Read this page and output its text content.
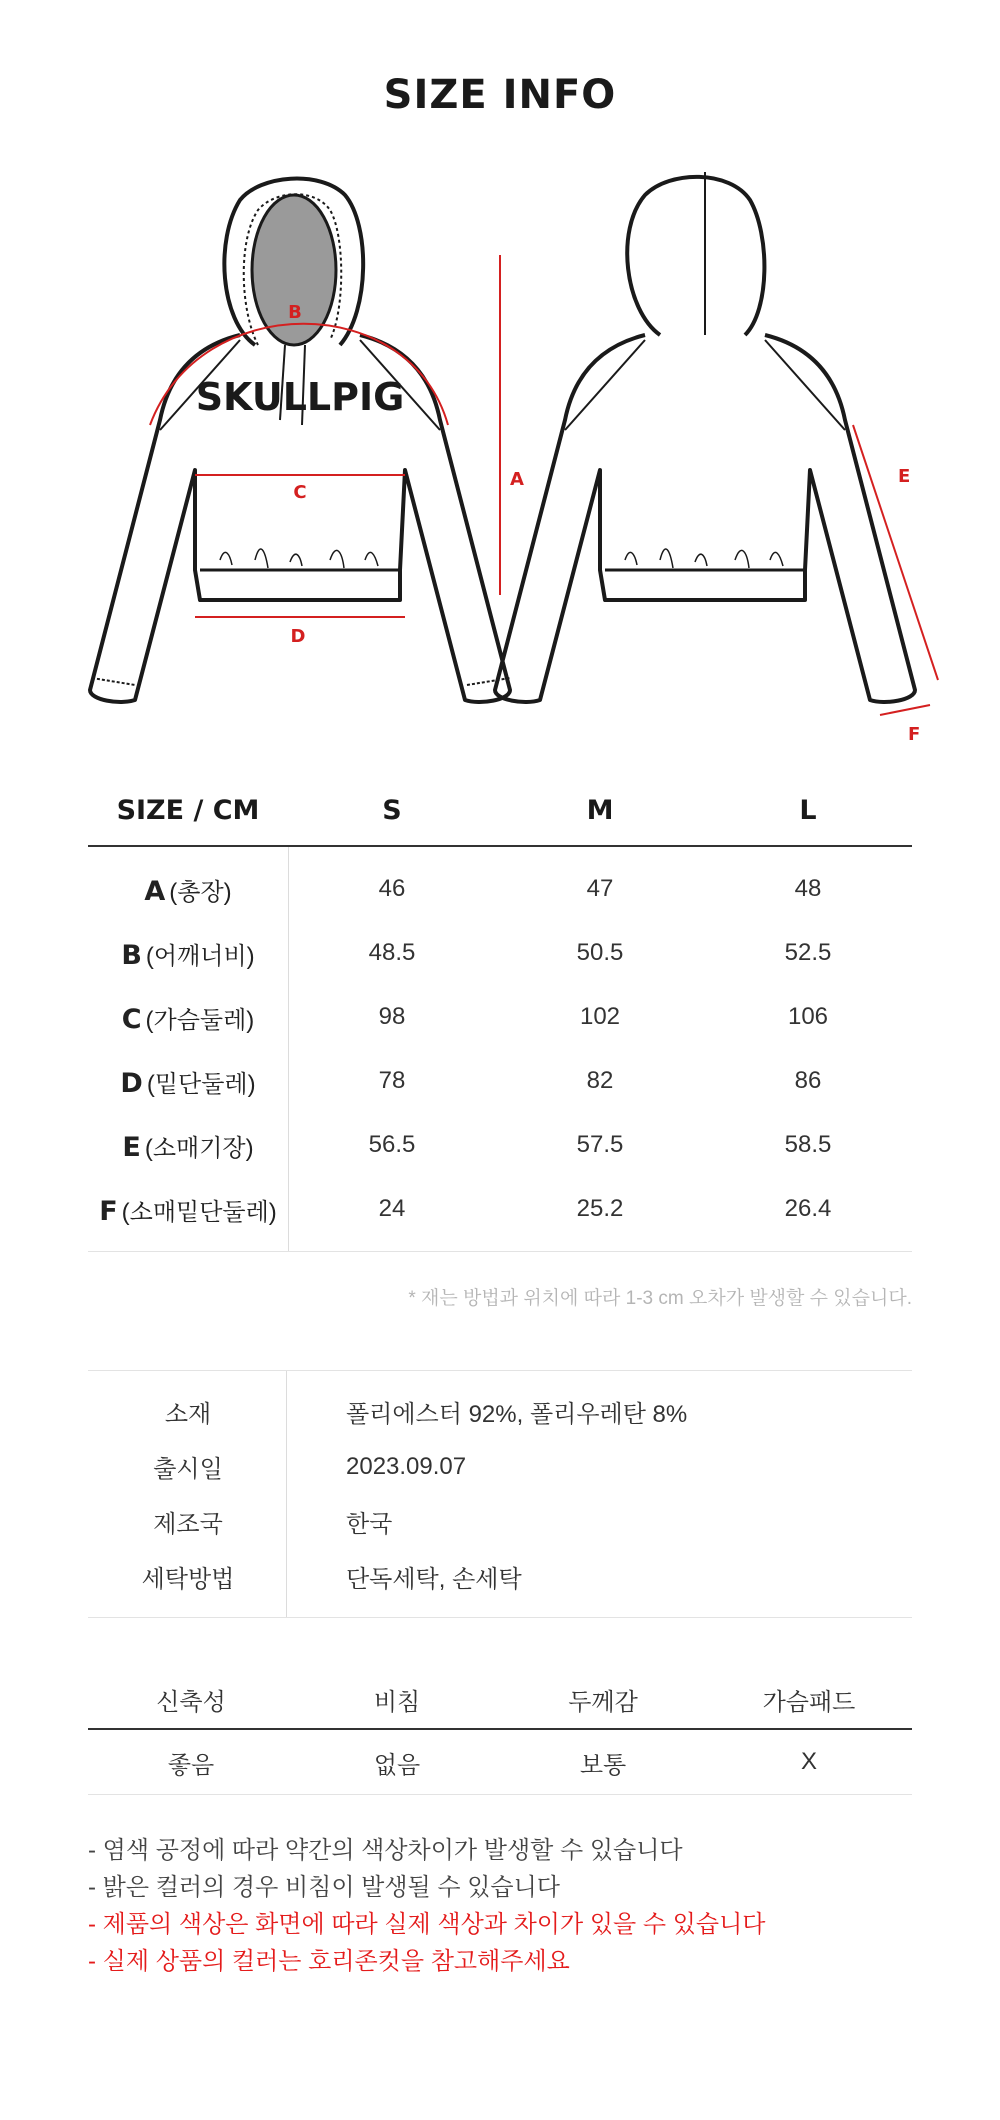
SIZE INFO
SKULLPIG
A
B
C
D
E
F
SIZE / CM	S	M	L
A (총장)	46	47	48
B (어깨너비)	48.5	50.5	52.5
C (가슴둘레)	98	102	106
D (밑단둘레)	78	82	86
E (소매기장)	56.5	57.5	58.5
F (소매밑단둘레)	24	25.2	26.4
* 재는 방법과 위치에 따라 1-3 cm 오차가 발생할 수 있습니다.
소재	폴리에스터 92%, 폴리우레탄 8%
출시일	2023.09.07
제조국	한국
세탁방법	단독세탁, 손세탁
신축성	비침	두께감	가슴패드
좋음	없음	보통	X
- 염색 공정에 따라 약간의 색상차이가 발생할 수 있습니다
- 밝은 컬러의 경우 비침이 발생될 수 있습니다
- 제품의 색상은 화면에 따라 실제 색상과 차이가 있을 수 있습니다
- 실제 상품의 컬러는 호리존컷을 참고해주세요
